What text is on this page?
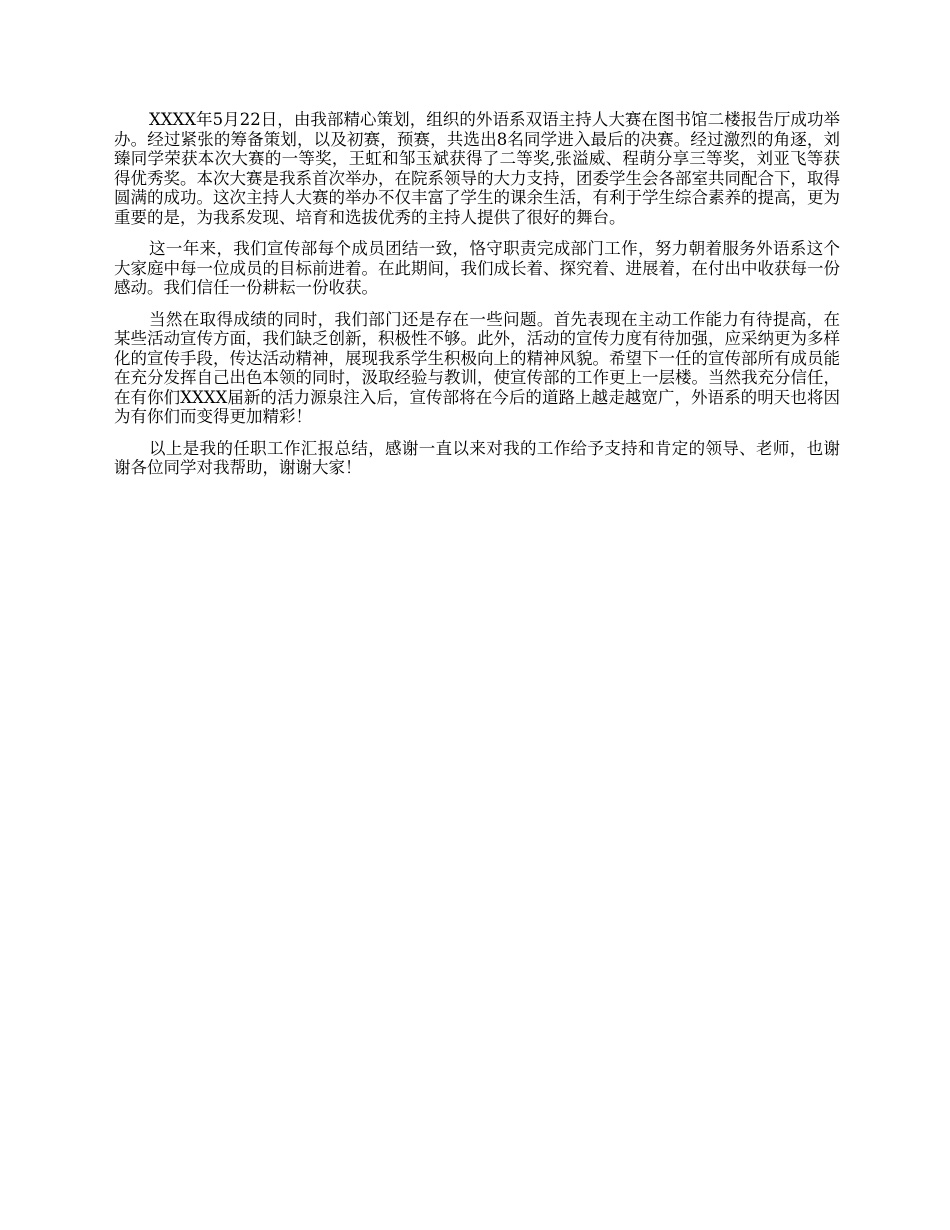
XXXX年5月22日，由我部精心策划，组织的外语系双语主持人大赛在图书馆二楼报告厅成功举办。经过紧张的筹备策划，以及初赛，预赛，共选出8名同学进入最后的决赛。经过激烈的角逐，刘臻同学荣获本次大赛的一等奖，王虹和邹玉斌获得了二等奖,张溢威、程萌分享三等奖，刘亚飞等获得优秀奖。本次大赛是我系首次举办，在院系领导的大力支持，团委学生会各部室共同配合下，取得圆满的成功。这次主持人大赛的举办不仅丰富了学生的课余生活，有利于学生综合素养的提高，更为重要的是，为我系发现、培育和选拔优秀的主持人提供了很好的舞台。

这一年来，我们宣传部每个成员团结一致，恪守职责完成部门工作，努力朝着服务外语系这个大家庭中每一位成员的目标前进着。在此期间，我们成长着、探究着、进展着，在付出中收获每一份感动。我们信任一份耕耘一份收获。

当然在取得成绩的同时，我们部门还是存在一些问题。首先表现在主动工作能力有待提高，在某些活动宣传方面，我们缺乏创新，积极性不够。此外，活动的宣传力度有待加强，应采纳更为多样化的宣传手段，传达活动精神，展现我系学生积极向上的精神风貌。希望下一任的宣传部所有成员能在充分发挥自己出色本领的同时，汲取经验与教训，使宣传部的工作更上一层楼。当然我充分信任，在有你们XXXX届新的活力源泉注入后，宣传部将在今后的道路上越走越宽广，外语系的明天也将因为有你们而变得更加精彩！

以上是我的任职工作汇报总结，感谢一直以来对我的工作给予支持和肯定的领导、老师，也谢谢各位同学对我帮助，谢谢大家！
